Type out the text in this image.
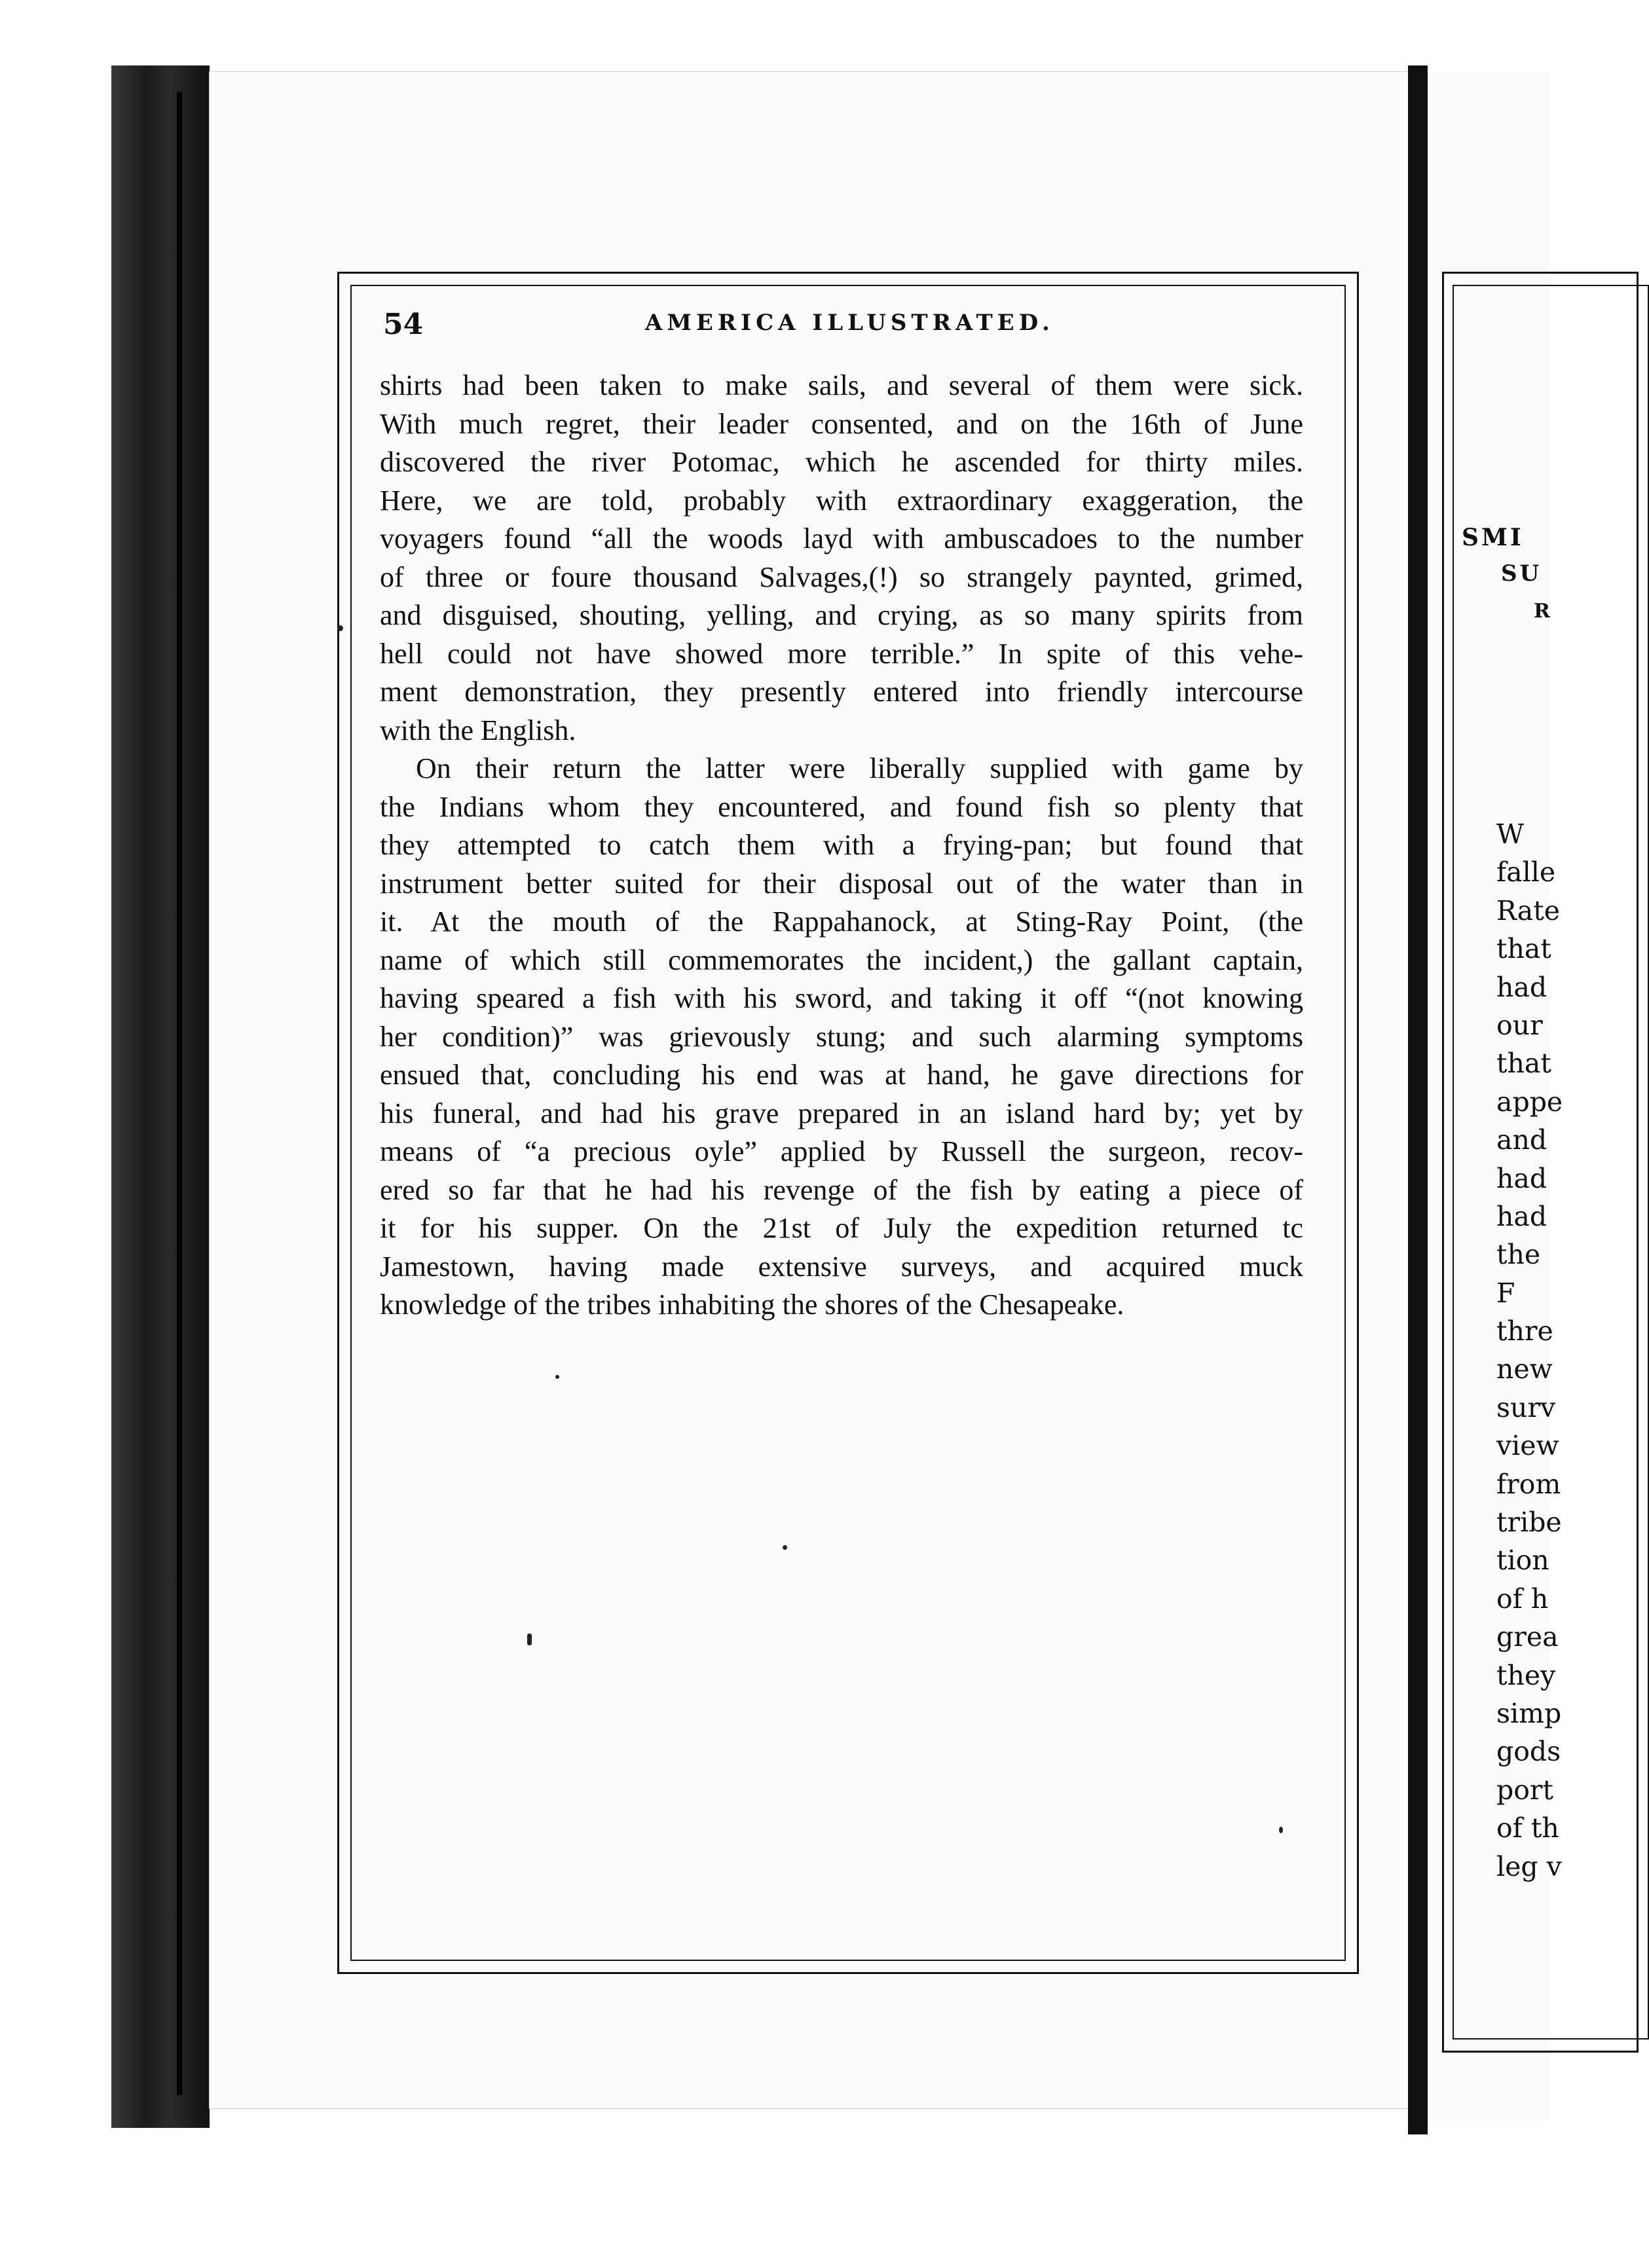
SMI
SU
R
W
falle
Rate
that
had
our
that
appe
and
had
had
the
F
thre
new
surv
view
from
tribe
tion
of h
grea
they
simp
gods
port
of th
leg v
54	AMERICA ILLUSTRATED.
shirts had been taken to make sails, and several of them were sick.
With much regret, their leader consented, and on the 16th of June
discovered the river Potomac, which he ascended for thirty miles.
Here, we are told, probably with extraordinary exaggeration, the
voyagers found “all the woods layd with ambuscadoes to the number
of three or foure thousand Salvages,(!) so strangely paynted, grimed,
and disguised, shouting, yelling, and crying, as so many spirits from
hell could not have showed more terrible.” In spite of this vehe-
ment demonstration, they presently entered into friendly intercourse
with the English.
On their return the latter were liberally supplied with game by
the Indians whom they encountered, and found fish so plenty that
they attempted to catch them with a frying-pan; but found that
instrument better suited for their disposal out of the water than in
it. At the mouth of the Rappahanock, at Sting-Ray Point, (the
name of which still commemorates the incident,) the gallant captain,
having speared a fish with his sword, and taking it off “(not knowing
her condition)” was grievously stung; and such alarming symptoms
ensued that, concluding his end was at hand, he gave directions for
his funeral, and had his grave prepared in an island hard by; yet by
means of “a precious oyle” applied by Russell the surgeon, recov-
ered so far that he had his revenge of the fish by eating a piece of
it for his supper. On the 21st of July the expedition returned tc
Jamestown, having made extensive surveys, and acquired muck
knowledge of the tribes inhabiting the shores of the Chesapeake.
